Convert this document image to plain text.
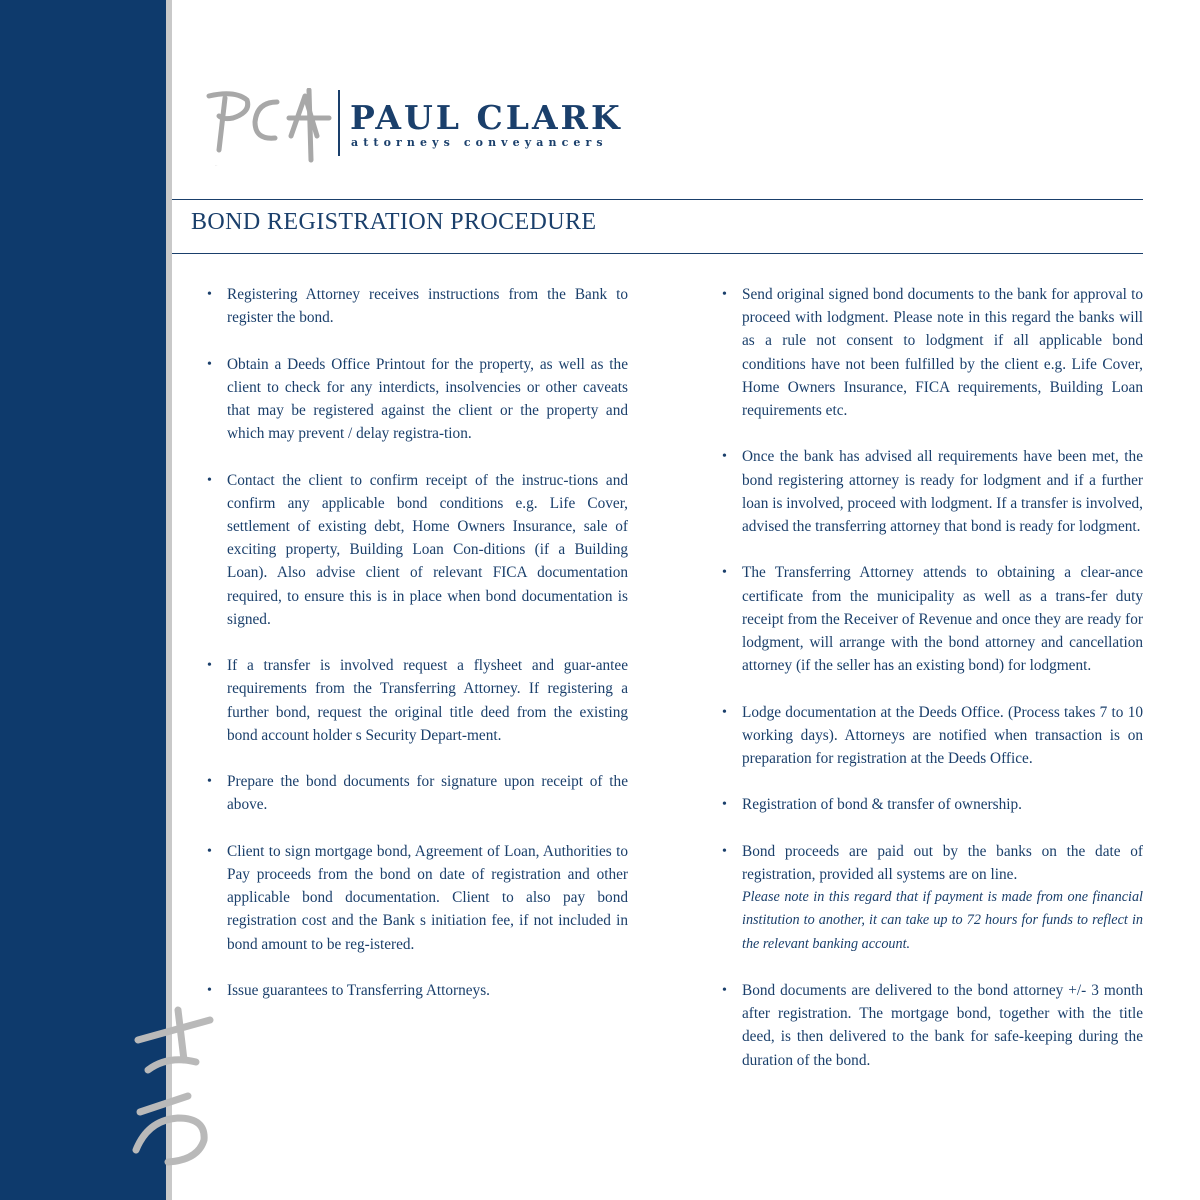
PCA
PAUL CLARK
attorneys conveyancers
BOND REGISTRATION PROCEDURE
• Registering Attorney receives instructions from the Bank to register the bond.
• Obtain a Deeds Office Printout for the property, as well as the client to check for any interdicts, insolvencies or other caveats that may be registered against the client or the property and which may prevent / delay registra-tion.
• Contact the client to confirm receipt of the instruc-tions and confirm any applicable bond conditions e.g. Life Cover, settlement of existing debt, Home Owners Insurance, sale of exciting property, Building Loan Con-ditions (if a Building Loan). Also advise client of relevant FICA documentation required, to ensure this is in place when bond documentation is signed.
• If a transfer is involved request a flysheet and guar-antee requirements from the Transferring Attorney. If registering a further bond, request the original title deed from the existing bond account holder s Security Depart-ment.
• Prepare the bond documents for signature upon receipt of the above.
• Client to sign mortgage bond, Agreement of Loan, Authorities to Pay proceeds from the bond on date of registration and other applicable bond documentation. Client to also pay bond registration cost and the Bank s initiation fee, if not included in bond amount to be reg-istered.
• Issue guarantees to Transferring Attorneys.
• Send original signed bond documents to the bank for approval to proceed with lodgment. Please note in this regard the banks will as a rule not consent to lodgment if all applicable bond conditions have not been fulfilled by the client e.g. Life Cover, Home Owners Insurance, FICA requirements, Building Loan requirements etc.
• Once the bank has advised all requirements have been met, the bond registering attorney is ready for lodgment and if a further loan is involved, proceed with lodgment. If a transfer is involved, advised the transferring attorney that bond is ready for lodgment.
• The Transferring Attorney attends to obtaining a clear-ance certificate from the municipality as well as a trans-fer duty receipt from the Receiver of Revenue and once they are ready for lodgment, will arrange with the bond attorney and cancellation attorney (if the seller has an existing bond) for lodgment.
• Lodge documentation at the Deeds Office. (Process takes 7 to 10 working days). Attorneys are notified when transaction is on preparation for registration at the Deeds Office.
• Registration of bond & transfer of ownership.
• Bond proceeds are paid out by the banks on the date of registration, provided all systems are on line.
Please note in this regard that if payment is made from one financial institution to another, it can take up to 72 hours for funds to reflect in the relevant banking account.
• Bond documents are delivered to the bond attorney +/- 3 month after registration. The mortgage bond, together with the title deed, is then delivered to the bank for safe-keeping during the duration of the bond.
